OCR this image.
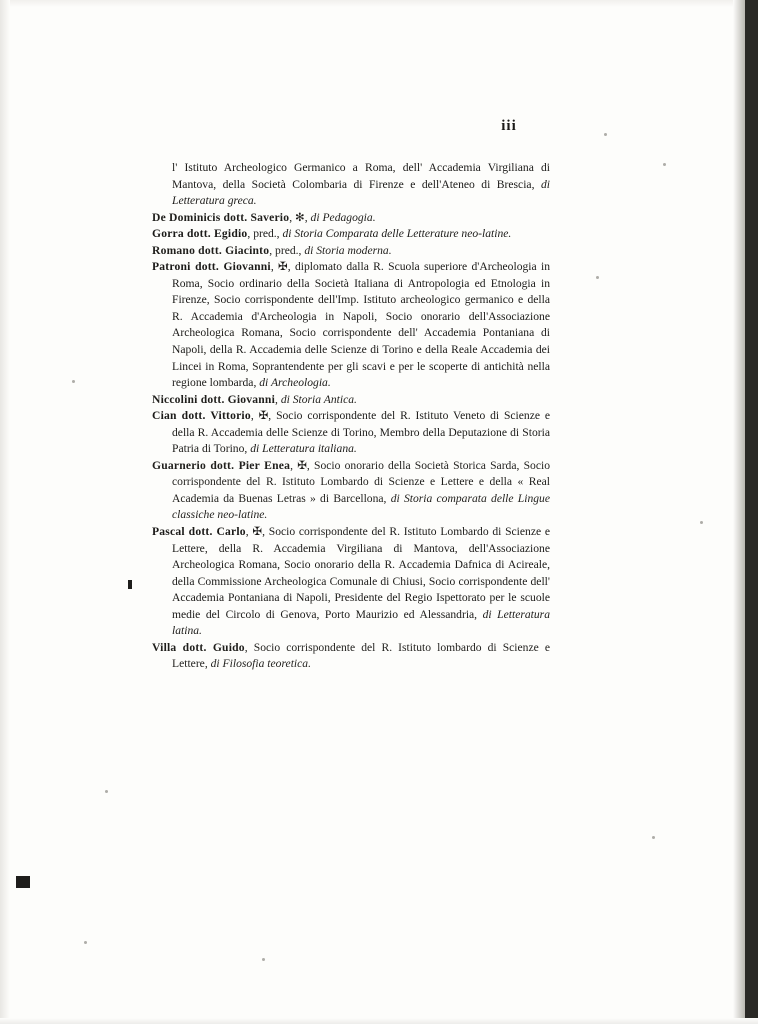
iii

l' Istituto Archeologico Germanico a Roma, dell' Accademia Virgiliana di Mantova, della Società Colombaria di Firenze e dell'Ateneo di Brescia, di Letteratura greca.

De Dominicis dott. Saverio, ✻, di Pedagogia.

Gorra dott. Egidio, pred., di Storia Comparata delle Letterature neo-latine.

Romano dott. Giacinto, pred., di Storia moderna.

Patroni dott. Giovanni, ✠, diplomato dalla R. Scuola superiore d'Archeologia in Roma, Socio ordinario della Società Italiana di Antropologia ed Etnologia in Firenze, Socio corrispondente dell'Imp. Istituto archeologico germanico e della R. Accademia d'Archeologia in Napoli, Socio onorario dell'Associazione Archeologica Romana, Socio corrispondente dell' Accademia Pontaniana di Napoli, della R. Accademia delle Scienze di Torino e della Reale Accademia dei Lincei in Roma, Soprantendente per gli scavi e per le scoperte di antichità nella regione lombarda, di Archeologia.

Niccolini dott. Giovanni, di Storia Antica.

Cian dott. Vittorio, ✠, Socio corrispondente del R. Istituto Veneto di Scienze e della R. Accademia delle Scienze di Torino, Membro della Deputazione di Storia Patria di Torino, di Letteratura italiana.

Guarnerio dott. Pier Enea, ✠, Socio onorario della Società Storica Sarda, Socio corrispondente del R. Istituto Lombardo di Scienze e Lettere e della « Real Academia da Buenas Letras » di Barcellona, di Storia comparata delle Lingue classiche neo-latine.

Pascal dott. Carlo, ✠, Socio corrispondente del R. Istituto Lombardo di Scienze e Lettere, della R. Accademia Virgiliana di Mantova, dell'Associazione Archeologica Romana, Socio onorario della R. Accademia Dafnica di Acireale, della Commissione Archeologica Comunale di Chiusi, Socio corrispondente dell' Accademia Pontaniana di Napoli, Presidente del Regio Ispettorato per le scuole medie del Circolo di Genova, Porto Maurizio ed Alessandria, di Letteratura latina.

Villa dott. Guido, Socio corrispondente del R. Istituto lombardo di Scienze e Lettere, di Filosofia teoretica.
